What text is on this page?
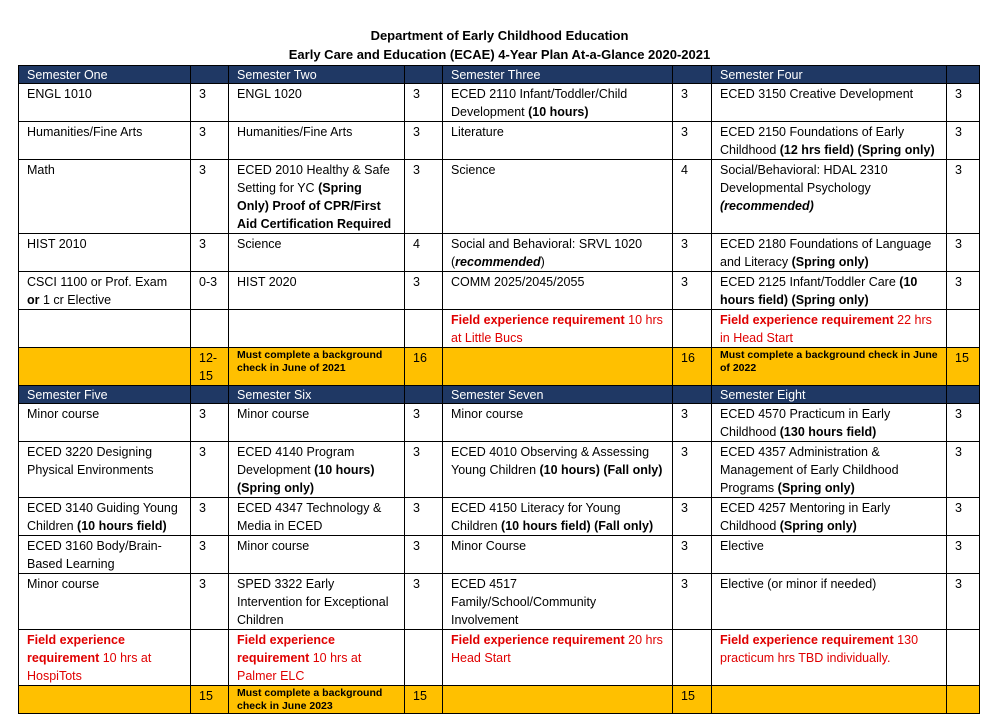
Department of Early Childhood Education
Early Care and Education (ECAE) 4-Year Plan At-a-Glance 2020-2021
Semester One		Semester Two		Semester Three		Semester Four	
ENGL 1010	3	ENGL 1020	3	ECED 2110 Infant/Toddler/Child Development (10 hours)	3	ECED 3150 Creative Development	3
Humanities/Fine Arts	3	Humanities/Fine Arts	3	Literature	3	ECED 2150 Foundations of Early Childhood (12 hrs field) (Spring only)	3
Math	3	ECED 2010 Healthy & Safe Setting for YC (Spring Only) Proof of CPR/First Aid Certification Required	3	Science	4	Social/Behavioral: HDAL 2310 Developmental Psychology (recommended)	3
HIST 2010	3	Science	4	Social and Behavioral: SRVL 1020 (recommended)	3	ECED 2180 Foundations of Language and Literacy (Spring only)	3
CSCI 1100 or Prof. Exam or 1 cr Elective	0-3	HIST 2020	3	COMM 2025/2045/2055	3	ECED 2125 Infant/Toddler Care (10 hours field) (Spring only)	3
				Field experience requirement 10 hrs at Little Bucs		Field experience requirement 22 hrs in Head Start	
	12-15	Must complete a background check in June of 2021	16		16	Must complete a background check in June of 2022	15
Semester Five		Semester Six		Semester Seven		Semester Eight	
Minor course	3	Minor course	3	Minor course	3	ECED 4570 Practicum in Early Childhood (130 hours field)	3
ECED 3220 Designing Physical Environments	3	ECED 4140 Program Development (10 hours) (Spring only)	3	ECED 4010 Observing & Assessing Young Children (10 hours) (Fall only)	3	ECED 4357 Administration & Management of Early Childhood Programs (Spring only)	3
ECED 3140 Guiding Young Children (10 hours field)	3	ECED 4347 Technology & Media in ECED	3	ECED 4150 Literacy for Young Children (10 hours field) (Fall only)	3	ECED 4257 Mentoring in Early Childhood (Spring only)	3
ECED 3160 Body/Brain-Based Learning	3	Minor course	3	Minor Course	3	Elective	3
Minor course	3	SPED 3322 Early Intervention for Exceptional Children	3	ECED 4517 Family/School/Community Involvement	3	Elective (or minor if needed)	3
Field experience requirement 10 hrs at HospiTots		Field experience requirement 10 hrs at Palmer ELC		Field experience requirement 20 hrs Head Start		Field experience requirement 130 practicum hrs TBD individually.	
	15	Must complete a background check in June 2023	15		15		
